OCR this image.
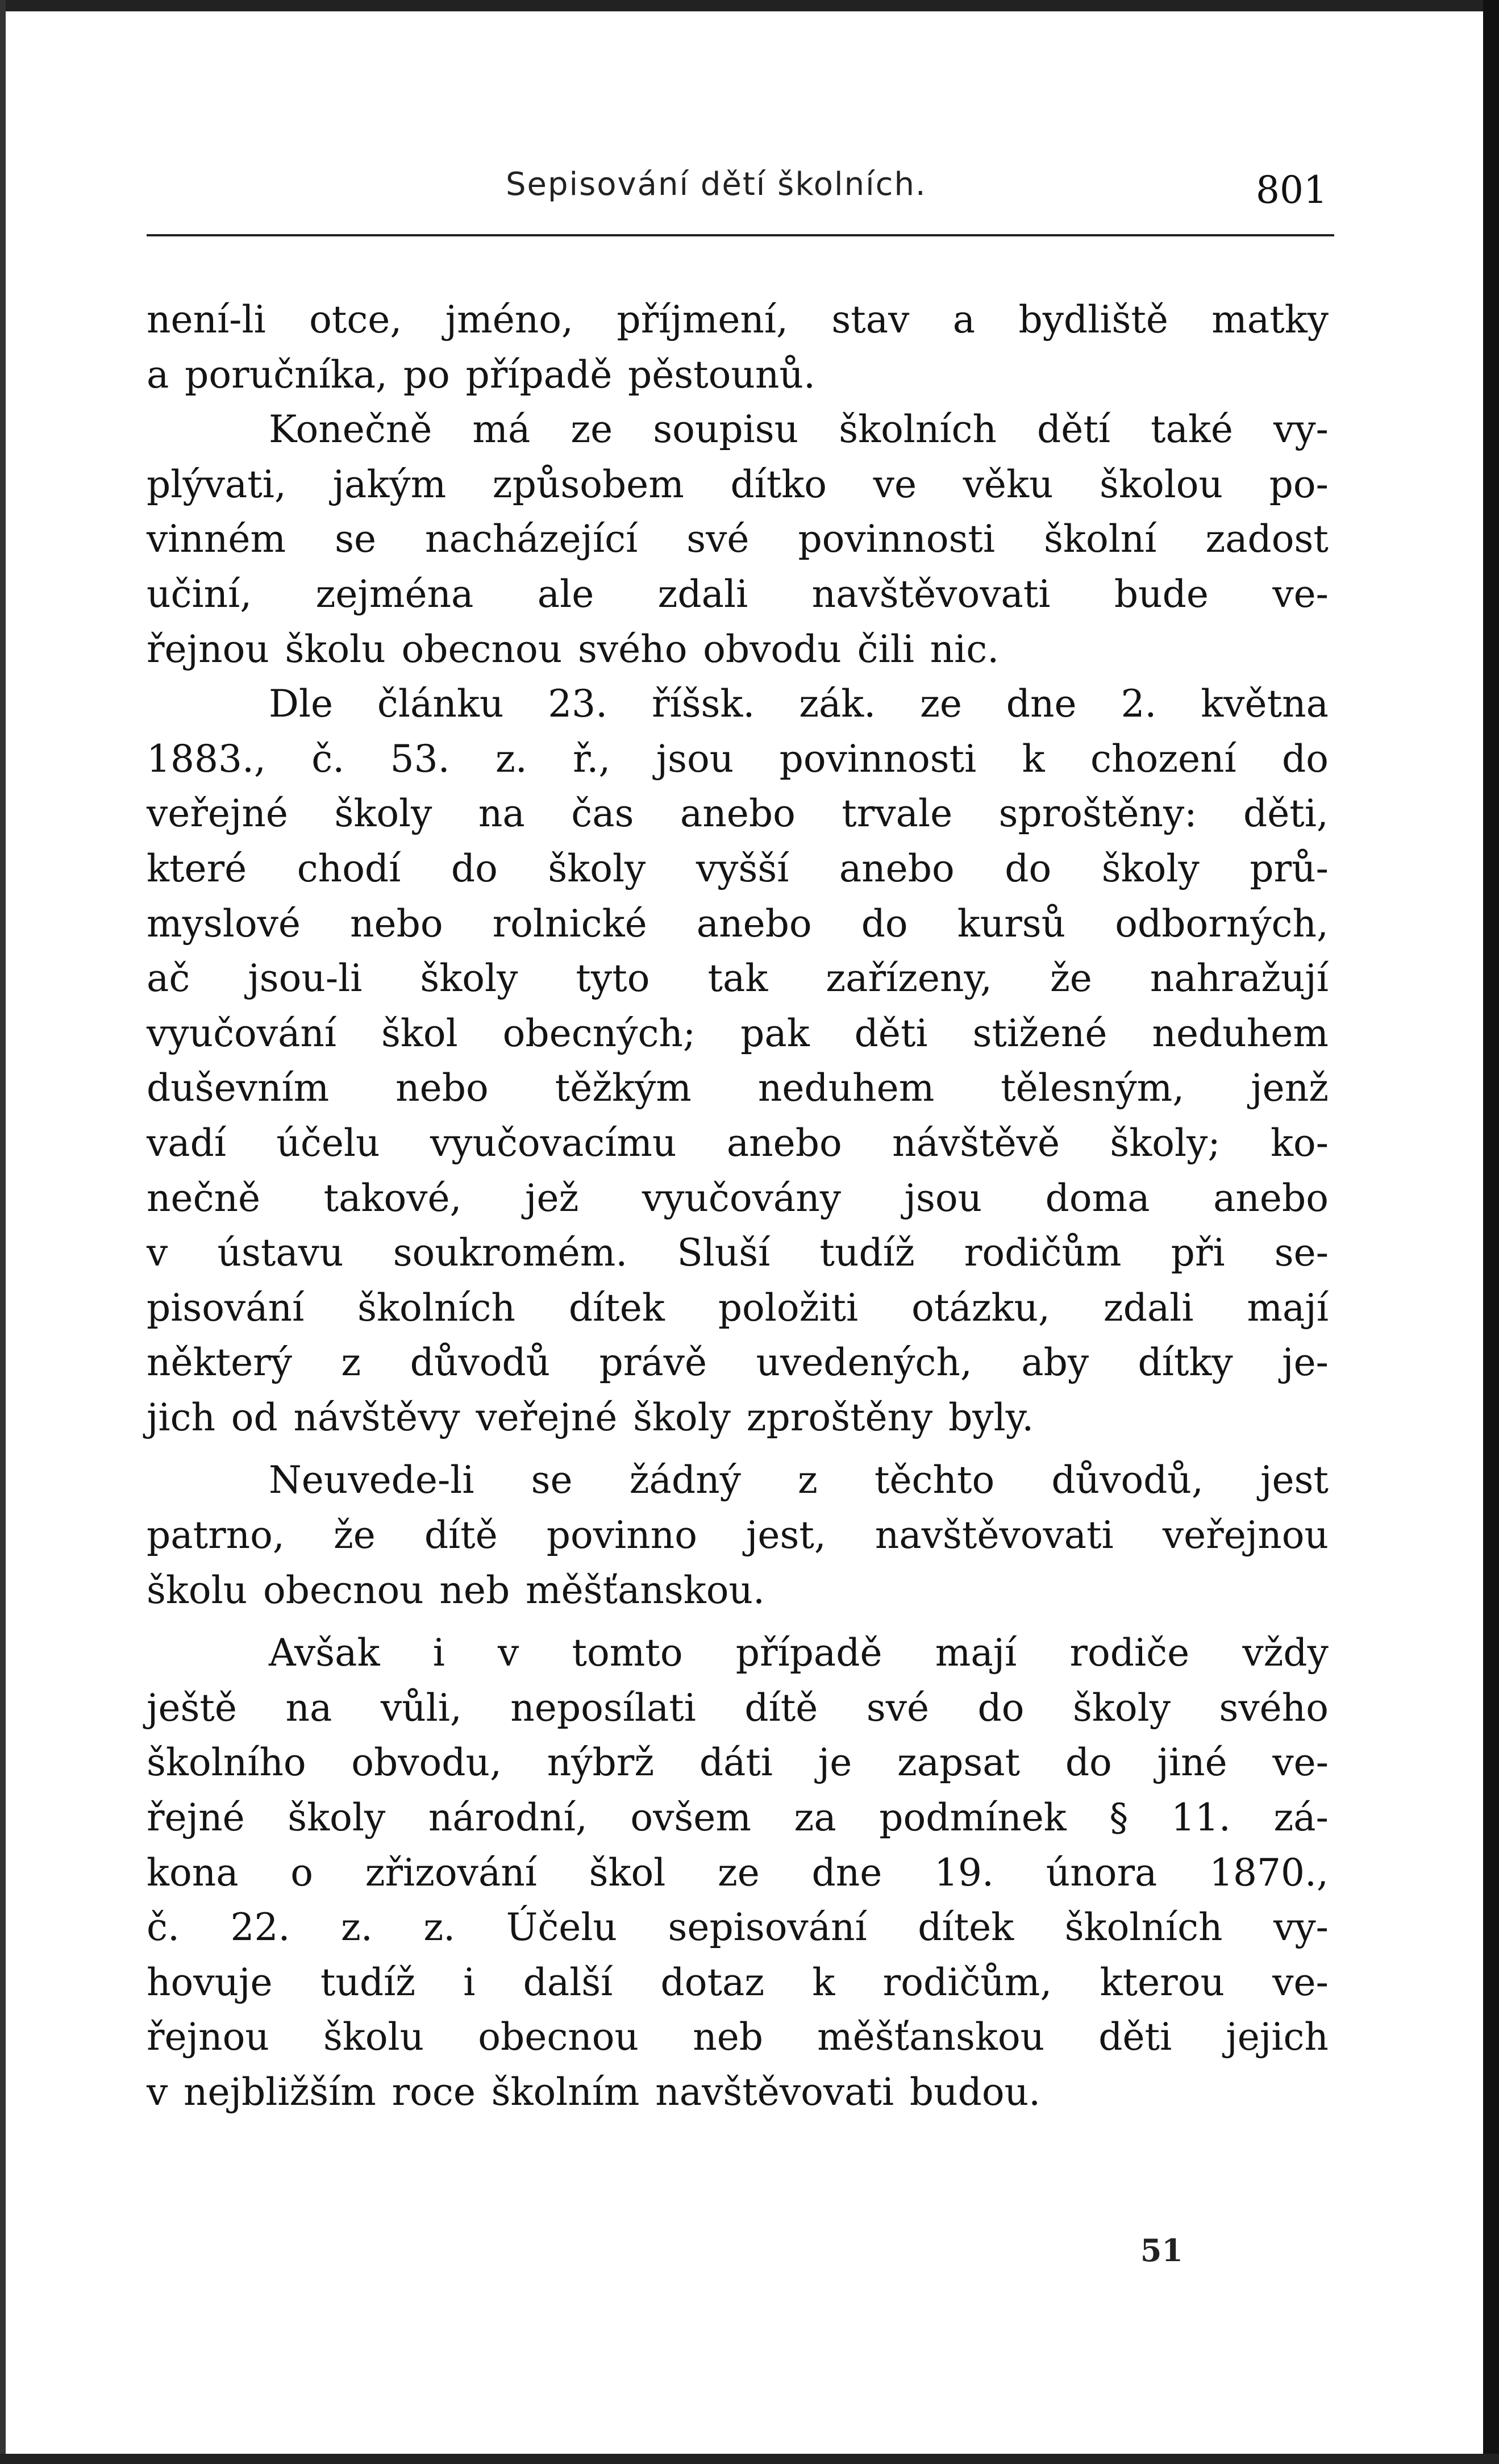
Sepisování dětí školních.	801
není-li otce, jméno, příjmení, stav a bydliště matky
a poručníka, po případě pěstounů.
Konečně má ze soupisu školních dětí také vy-
plývati, jakým způsobem dítko ve věku školou po-
vinném se nacházející své povinnosti školní zadost
učiní, zejména ale zdali navštěvovati bude ve-
řejnou školu obecnou svého obvodu čili nic.
Dle článku 23. říšsk. zák. ze dne 2. května
1883., č. 53. z. ř., jsou povinnosti k chození do
veřejné školy na čas anebo trvale sproštěny: děti,
které chodí do školy vyšší anebo do školy prů-
myslové nebo rolnické anebo do kursů odborných,
ač jsou-li školy tyto tak zařízeny, že nahražují
vyučování škol obecných; pak děti stižené neduhem
duševním nebo těžkým neduhem tělesným, jenž
vadí účelu vyučovacímu anebo návštěvě školy; ko-
nečně takové, jež vyučovány jsou doma anebo
v ústavu soukromém. Sluší tudíž rodičům při se-
pisování školních dítek položiti otázku, zdali mají
některý z důvodů právě uvedených, aby dítky je-
jich od návštěvy veřejné školy zproštěny byly.
Neuvede-li se žádný z těchto důvodů, jest
patrno, že dítě povinno jest, navštěvovati veřejnou
školu obecnou neb měšťanskou.
Avšak i v tomto případě mají rodiče vždy
ještě na vůli, neposílati dítě své do školy svého
školního obvodu, nýbrž dáti je zapsat do jiné ve-
řejné školy národní, ovšem za podmínek § 11. zá-
kona o zřizování škol ze dne 19. února 1870.,
č. 22. z. z. Účelu sepisování dítek školních vy-
hovuje tudíž i další dotaz k rodičům, kterou ve-
řejnou školu obecnou neb měšťanskou děti jejich
v nejbližším roce školním navštěvovati budou.
51
